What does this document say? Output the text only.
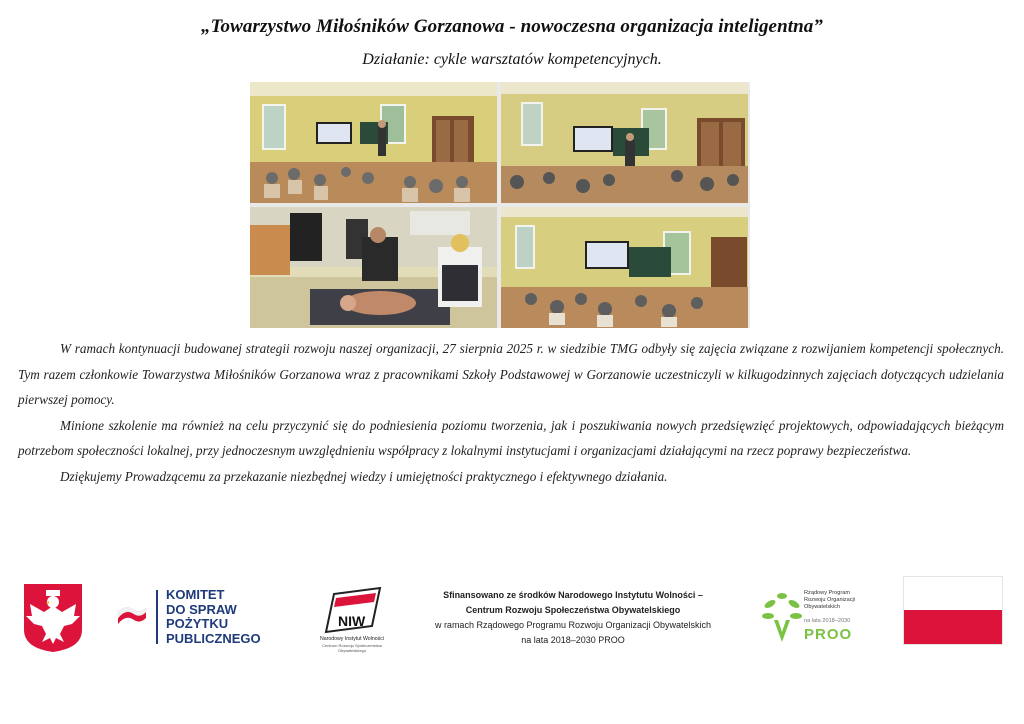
„Towarzystwo Miłośników Gorzanowa - nowoczesna organizacja inteligentna”
Działanie: cykle warsztatów kompetencyjnych.

W ramach kontynuacji budowanej strategii rozwoju naszej organizacji, 27 sierpnia 2025 r. w siedzibie TMG odbyły się zajęcia związane z rozwijaniem kompetencji społecznych. Tym razem członkowie Towarzystwa Miłośników Gorzanowa wraz z pracownikami Szkoły Podstawowej w Gorzanowie uczestniczyli w kilkugodzinnych zajęciach dotyczących udzielania pierwszej pomocy.

Minione szkolenie ma również na celu przyczynić się do podniesienia poziomu tworzenia, jak i poszukiwania nowych przedsięwzięć projektowych, odpowiadających bieżącym potrzebom społeczności lokalnej, przy jednoczesnym uwzględnieniu współpracy z lokalnymi instytucjami i organizacjami działającymi na rzecz poprawy bezpieczeństwa.

Dziękujemy Prowadzącemu za przekazanie niezbędnej wiedzy i umiejętności praktycznego i efektywnego działania.

KOMITET
DO SPRAW
POŻYTKU
PUBLICZNEGO
NIW
Narodowy Instytut Wolności
Centrum Rozwoju Społeczeństwa Obywatelskiego
Sfinansowano ze środków Narodowego Instytutu Wolności –
Centrum Rozwoju Społeczeństwa Obywatelskiego
w ramach Rządowego Programu Rozwoju Organizacji Obywatelskich
na lata 2018–2030 PROO
Rządowy Program
Rozwoju Organizacji
Obywatelskich
na lata 2018–2030
PROO
